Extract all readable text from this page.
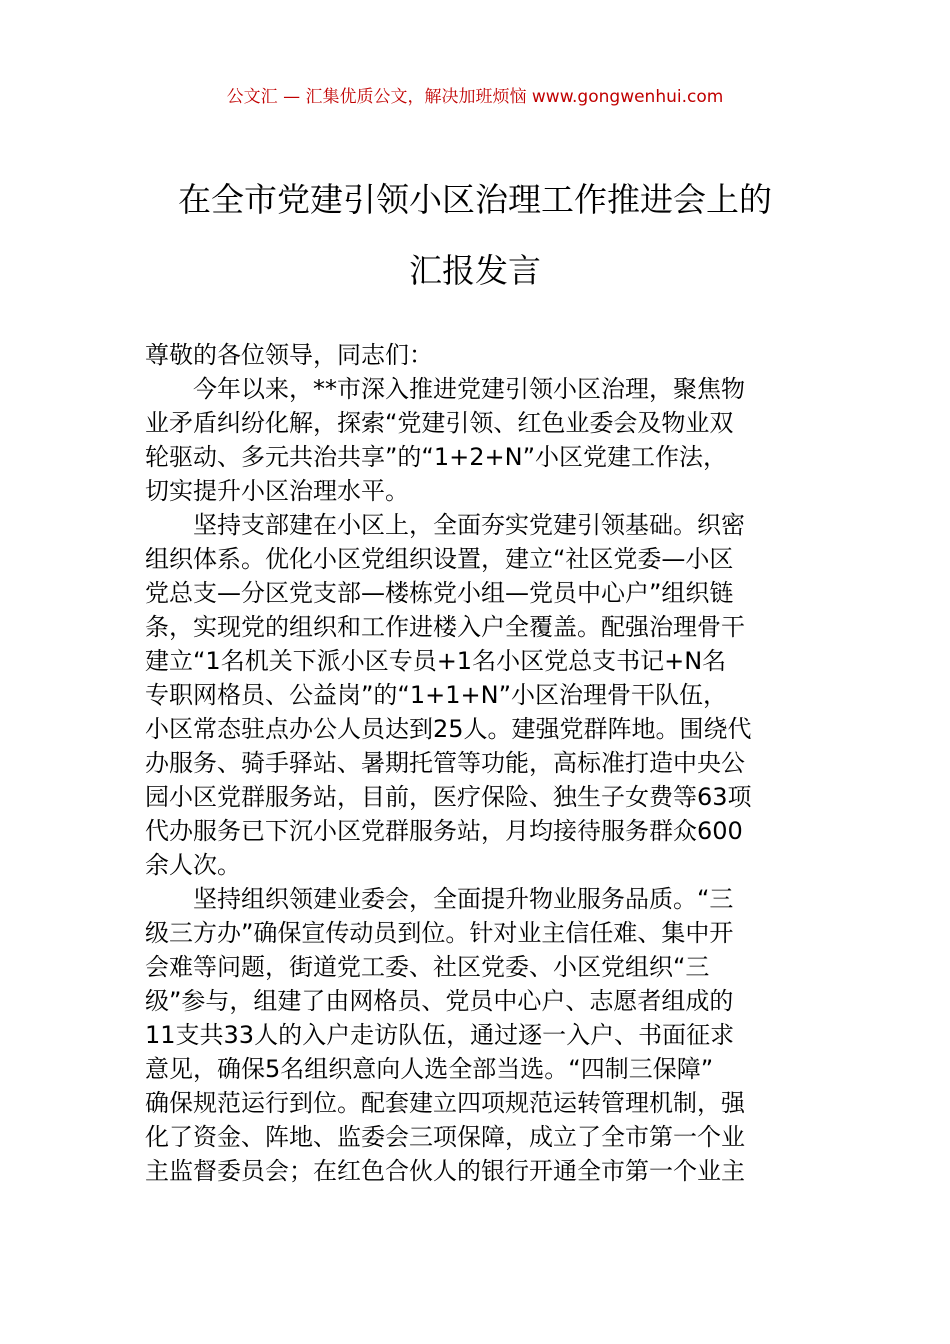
公文汇 — 汇集优质公文，解决加班烦恼 www.gongwenhui.com
在全市党建引领小区治理工作推进会上的
汇报发言
尊敬的各位领导，同志们：
今年以来，**市深入推进党建引领小区治理，聚焦物
业矛盾纠纷化解，探索“党建引领、红色业委会及物业双
轮驱动、多元共治共享”的“1+2+N”小区党建工作法，
切实提升小区治理水平。
坚持支部建在小区上，全面夯实党建引领基础。织密
组织体系。优化小区党组织设置，建立“社区党委—小区
党总支—分区党支部—楼栋党小组—党员中心户”组织链
条，实现党的组织和工作进楼入户全覆盖。配强治理骨干
建立“1名机关下派小区专员+1名小区党总支书记+N名
专职网格员、公益岗”的“1+1+N”小区治理骨干队伍，
小区常态驻点办公人员达到25人。建强党群阵地。围绕代
办服务、骑手驿站、暑期托管等功能，高标准打造中央公
园小区党群服务站，目前，医疗保险、独生子女费等63项
代办服务已下沉小区党群服务站，月均接待服务群众600
余人次。
坚持组织领建业委会，全面提升物业服务品质。“三
级三方办”确保宣传动员到位。针对业主信任难、集中开
会难等问题，街道党工委、社区党委、小区党组织“三
级”参与，组建了由网格员、党员中心户、志愿者组成的
11支共33人的入户走访队伍，通过逐一入户、书面征求
意见，确保5名组织意向人选全部当选。“四制三保障”
确保规范运行到位。配套建立四项规范运转管理机制，强
化了资金、阵地、监委会三项保障，成立了全市第一个业
主监督委员会；在红色合伙人的银行开通全市第一个业主
